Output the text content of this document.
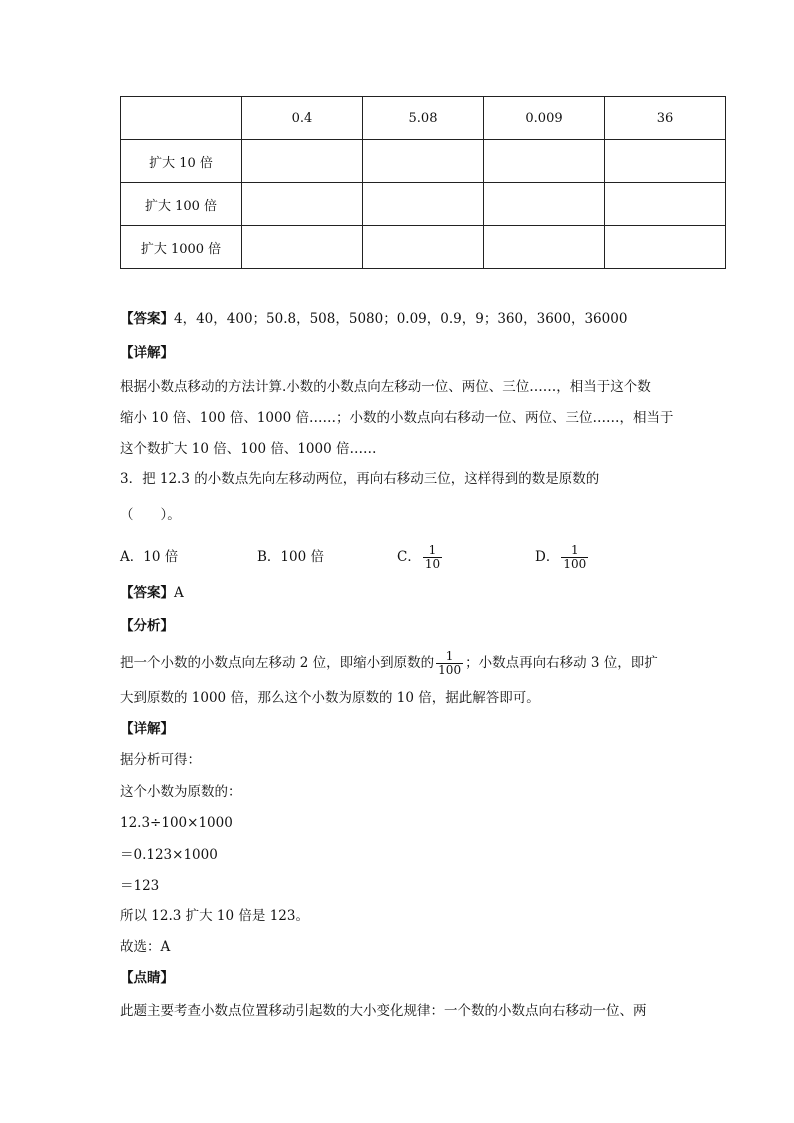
	0.4	5.08	0.009	36
扩大 10 倍				
扩大 100 倍				
扩大 1000 倍				
【答案】4，40，400；50.8，508，5080；0.09，0.9，9；360，3600，36000
【详解】
根据小数点移动的方法计算.小数的小数点向左移动一位、两位、三位……，相当于这个数
缩小 10 倍、100 倍、1000 倍……；小数的小数点向右移动一位、两位、三位……，相当于
这个数扩大 10 倍、100 倍、1000 倍……
3．把 12.3 的小数点先向左移动两位，再向右移动三位，这样得到的数是原数的
（　　）。
A．10 倍	B．100 倍	C． $\frac{1}{10}$	D． $\frac{1}{100}$
【答案】A
【分析】
把一个小数的小数点向左移动 2 位，即缩小到原数的 $\frac{1}{100}$ ；小数点再向右移动 3 位，即扩
大到原数的 1000 倍，那么这个小数为原数的 10 倍，据此解答即可。
【详解】
据分析可得：
这个小数为原数的：
12.3÷100×1000
＝0.123×1000
＝123
所以 12.3 扩大 10 倍是 123。
故选：A
【点睛】
此题主要考查小数点位置移动引起数的大小变化规律：一个数的小数点向右移动一位、两
